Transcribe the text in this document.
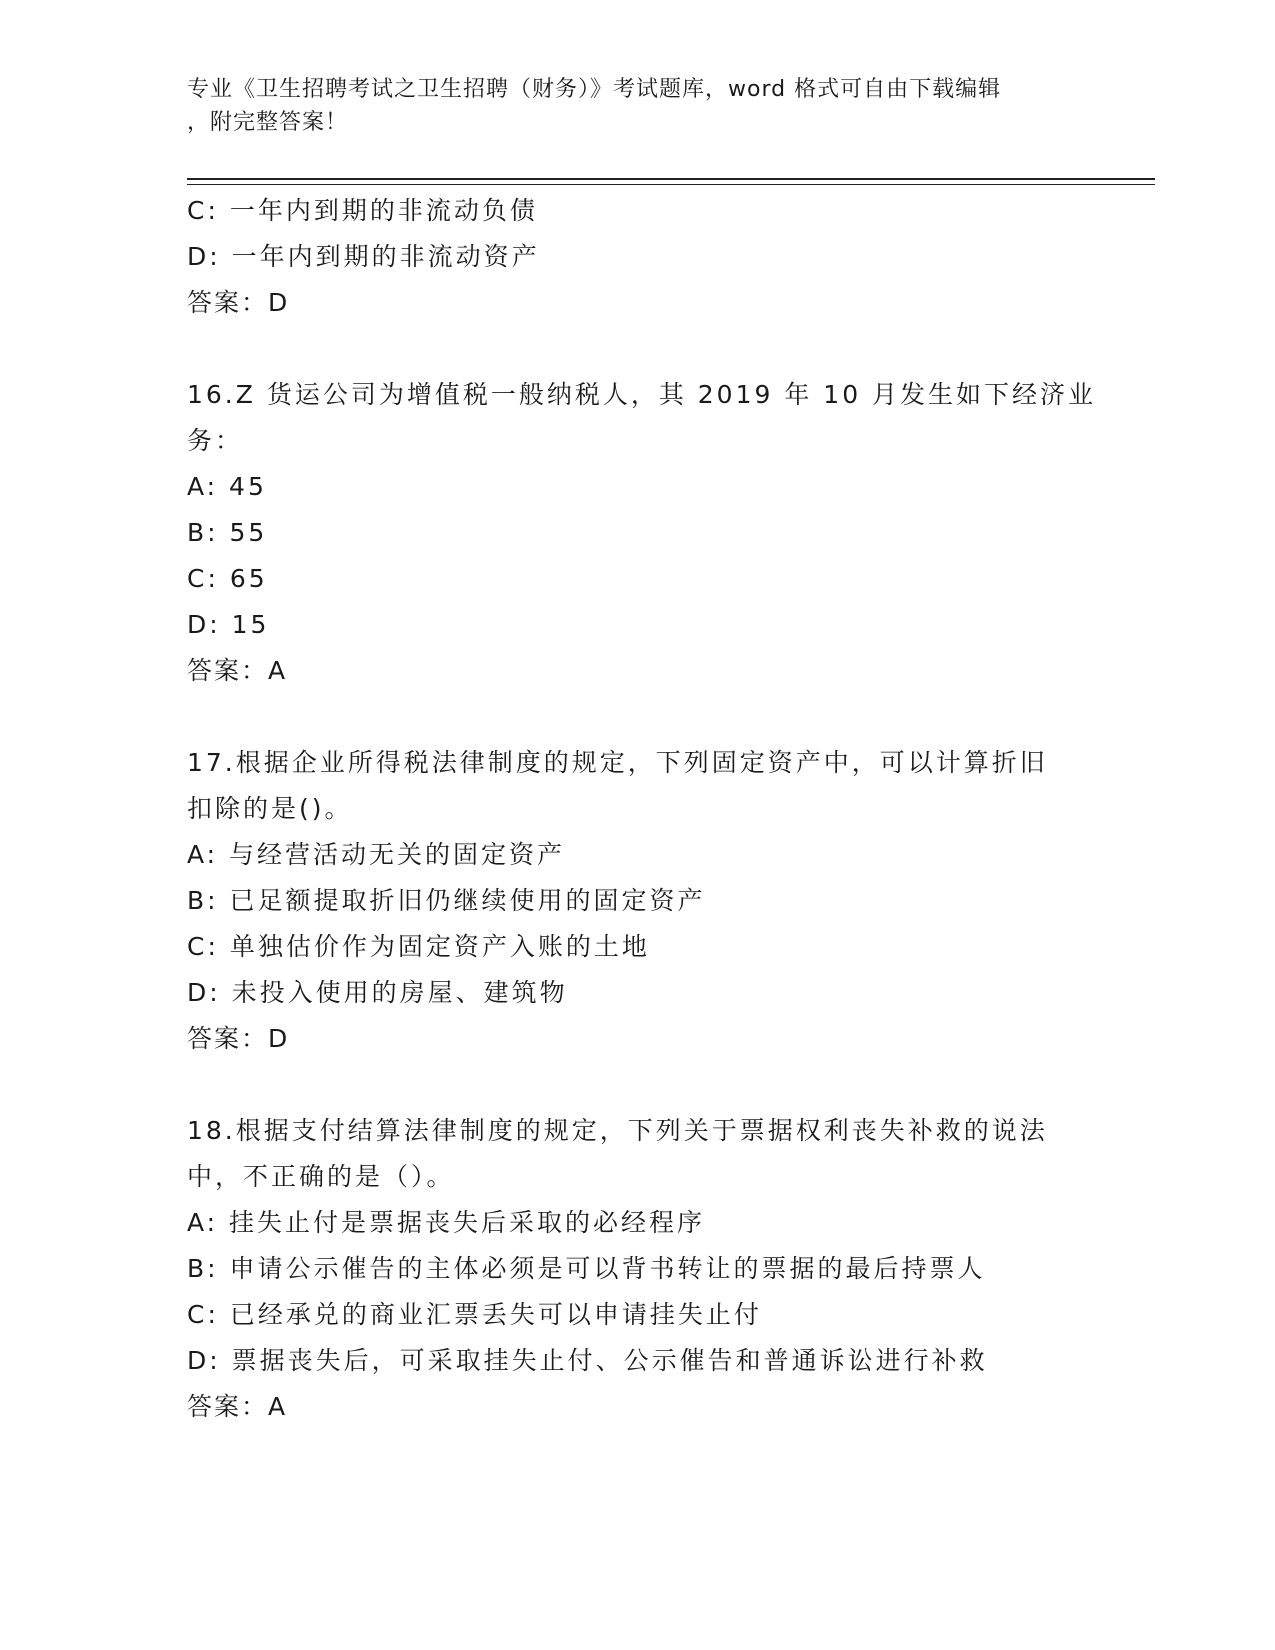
专业《卫生招聘考试之卫生招聘（财务）》考试题库，word 格式可自由下载编辑
，附完整答案！
C: 一年内到期的非流动负债
D: 一年内到期的非流动资产
答案：D
16.Z 货运公司为增值税一般纳税人，其 2019 年 10 月发生如下经济业
务：
A: 45
B: 55
C: 65
D: 15
答案：A
17.根据企业所得税法律制度的规定，下列固定资产中，可以计算折旧
扣除的是()。
A: 与经营活动无关的固定资产
B: 已足额提取折旧仍继续使用的固定资产
C: 单独估价作为固定资产入账的土地
D: 未投入使用的房屋、建筑物
答案：D
18.根据支付结算法律制度的规定，下列关于票据权利丧失补救的说法
中，不正确的是（）。
A: 挂失止付是票据丧失后采取的必经程序
B: 申请公示催告的主体必须是可以背书转让的票据的最后持票人
C: 已经承兑的商业汇票丢失可以申请挂失止付
D: 票据丧失后，可采取挂失止付、公示催告和普通诉讼进行补救
答案：A
